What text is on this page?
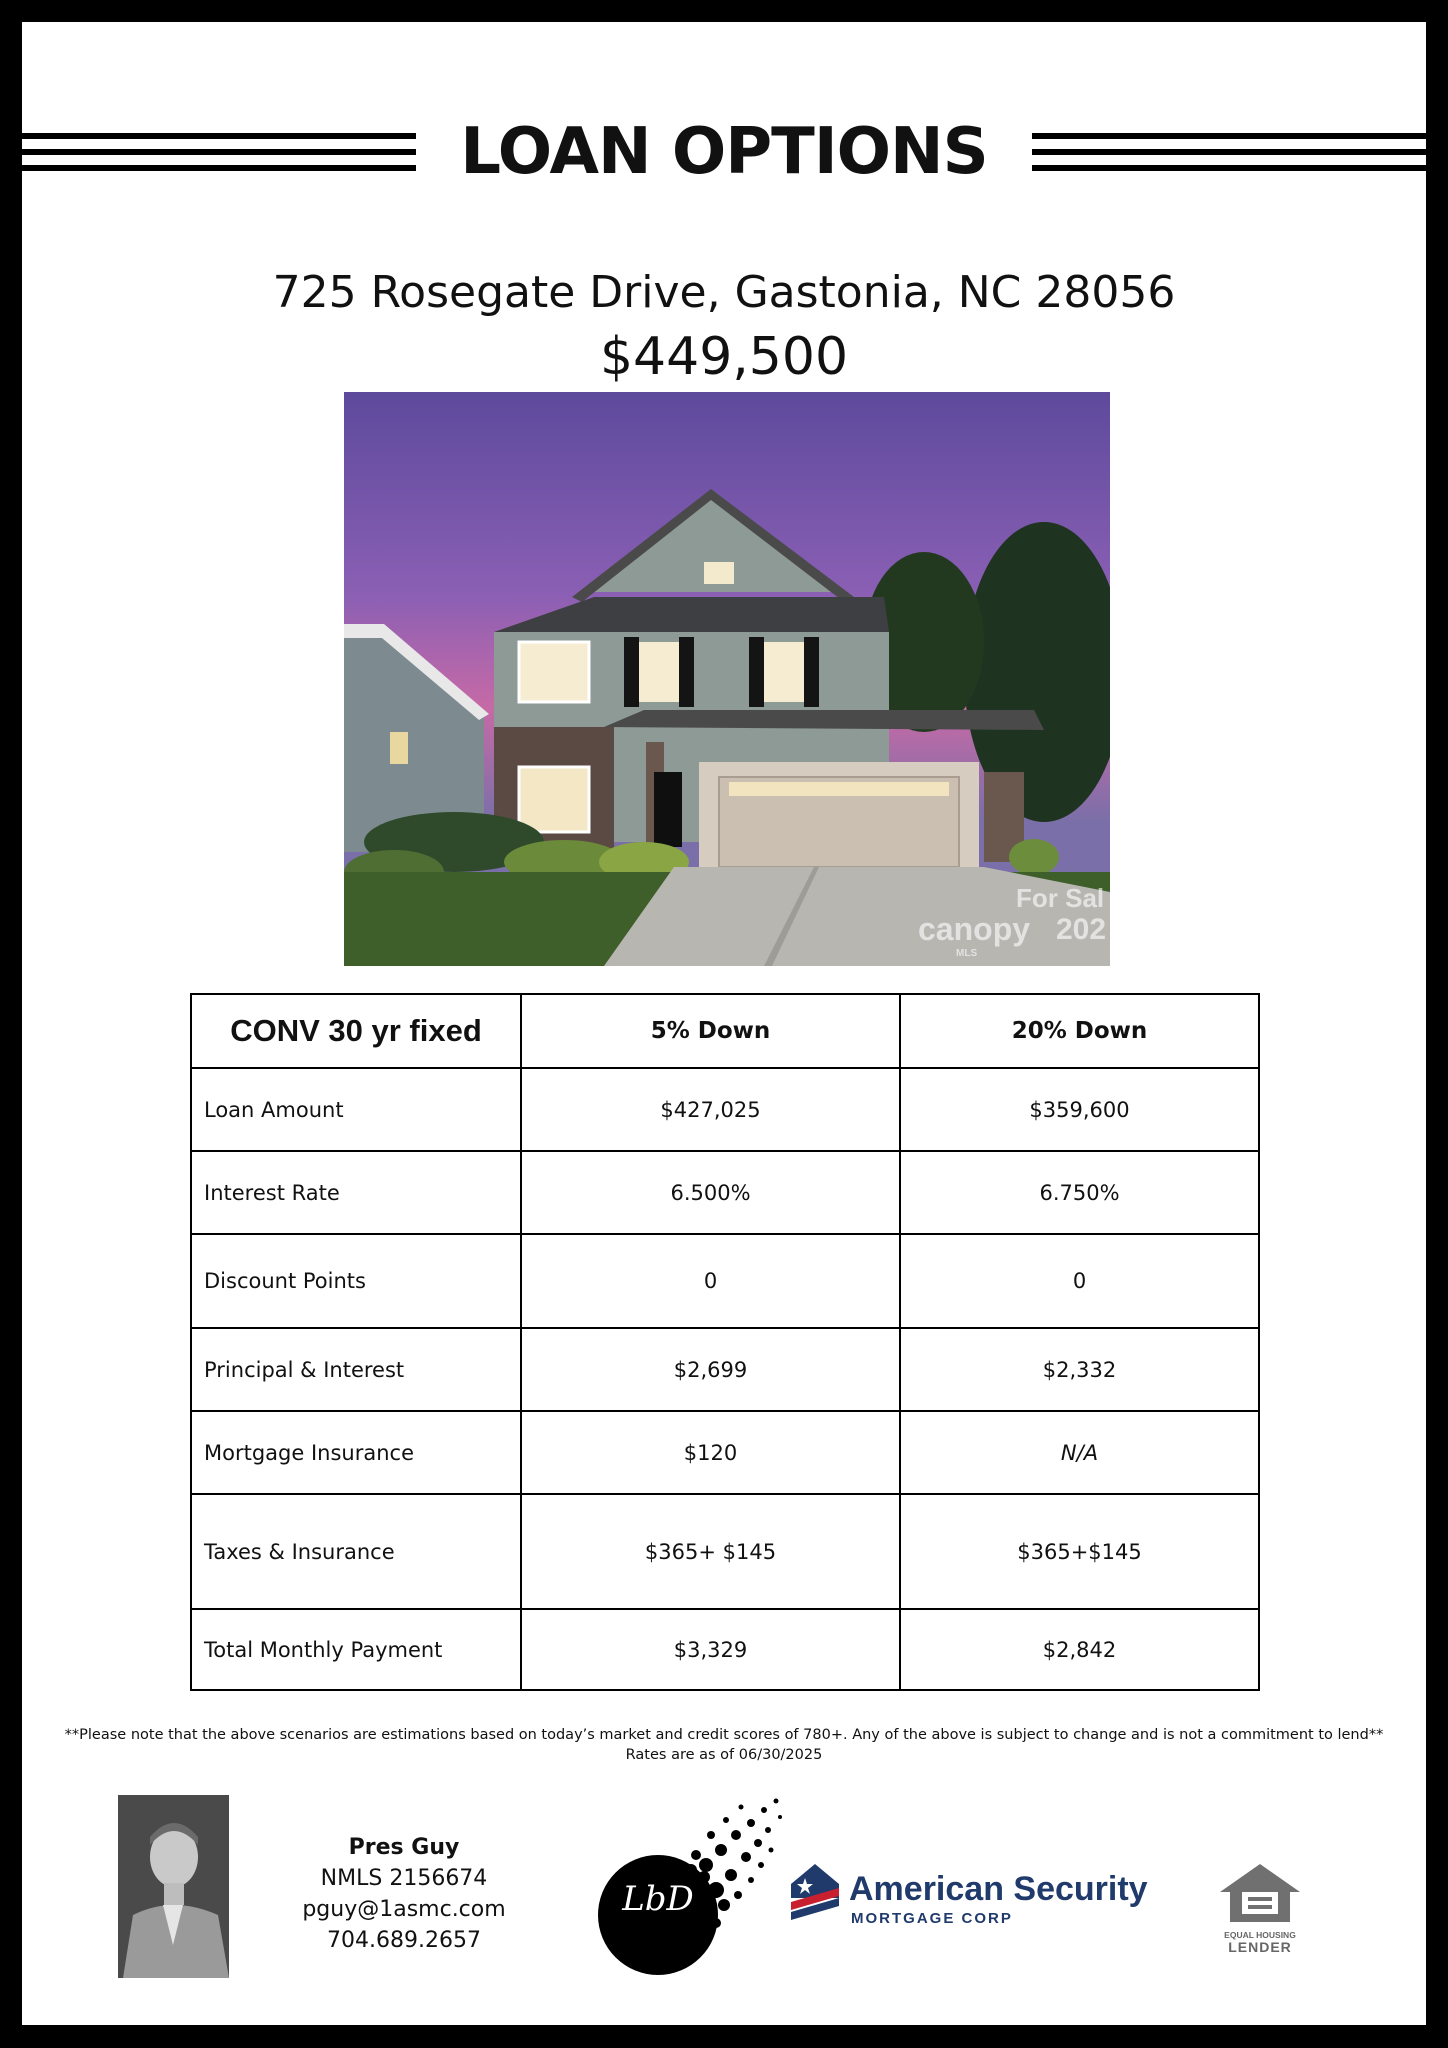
LOAN OPTIONS
725 Rosegate Drive, Gastonia, NC 28056
$449,500
For Sal
canopy 202
MLS
CONV 30 yr fixed	5% Down	20% Down
Loan Amount	$427,025	$359,600
Interest Rate	6.500%	6.750%
Discount Points	0	0
Principal & Interest	$2,699	$2,332
Mortgage Insurance	$120	N/A
Taxes & Insurance	$365+ $145	$365+$145
Total Monthly Payment	$3,329	$2,842
**Please note that the above scenarios are estimations based on today’s market and credit scores of 780+. Any of the above is subject to change and is not a commitment to lend**
Rates are as of 06/30/2025
Pres Guy
NMLS 2156674
pguy@1asmc.com
704.689.2657
LbD	American Security
MORTGAGE CORP
EQUAL HOUSING
LENDER
